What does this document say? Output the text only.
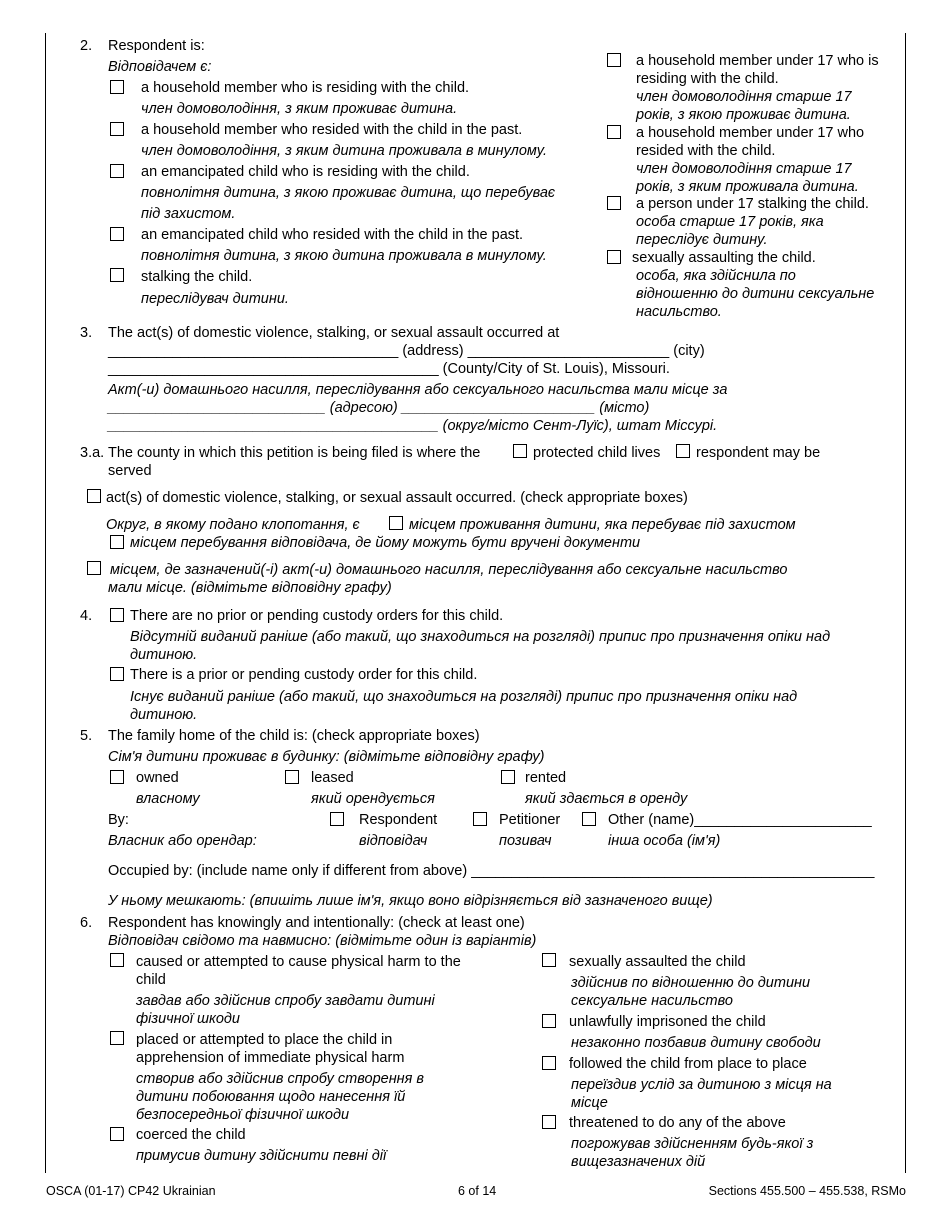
2. Respondent is:
Відповідачем є:
a household member who is residing with the child.
член домоволодіння, з яким проживає дитина.
a household member who resided with the child in the past.
член домоволодіння, з яким дитина проживала в минулому.
an emancipated child who is residing with the child.
повнолітня дитина, з якою проживає дитина, що перебуває
під захистом.
an emancipated child who resided with the child in the past.
повнолітня дитина, з якою дитина проживала в минулому.
stalking the child.
переслідувач дитини.
a household member under 17 who is
residing with the child.
член домоволодіння старше 17
років, з якою проживає дитина.
a household member under 17 who
resided with the child.
член домоволодіння старше 17
років, з яким проживала дитина.
a person under 17 stalking the child.
особа старше 17 років, яка
переслідує дитину.
sexually assaulting the child.
особа, яка здійснила по
відношенню до дитини сексуальне
насильство.
3. The act(s) of domestic violence, stalking, or sexual assault occurred at
____________________________________ (address) _________________________ (city)
_________________________________________ (County/City of St. Louis), Missouri.
Акт(-и) домашнього насилля, переслідування або сексуального насильства мали місце за
___________________________ (адресою) ________________________ (місто)
_________________________________________ (округ/місто Сент-Луїс), штат Міссурі.
3.a. The county in which this petition is being filed is where the	protected child lives respondent may be
served
act(s) of domestic violence, stalking, or sexual assault occurred. (check appropriate boxes)
Округ, в якому подано клопотання, є	місцем проживання дитини, яка перебуває під захистом
місцем перебування відповідача, де йому можуть бути вручені документи
місцем, де зазначений(-і) акт(-и) домашнього насилля, переслідування або сексуальне насильство
мали місце. (відмітьте відповідну графу)
4.	There are no prior or pending custody orders for this child.
Відсутній виданий раніше (або такий, що знаходиться на розгляді) припис про призначення опіки над
дитиною.
There is a prior or pending custody order for this child.
Існує виданий раніше (або такий, що знаходиться на розгляді) припис про призначення опіки над
дитиною.
5. The family home of the child is: (check appropriate boxes)
Сім'я дитини проживає в будинку: (відмітьте відповідну графу)
owned
власному
leased
який орендується
rented
який здається в оренду
By:
Власник або орендар:
Respondent
відповідач
Petitioner
позивач
Other (name)______________________
інша особа (ім'я)
Occupied by: (include name only if different from above) __________________________________________________
У ньому мешкають: (впишіть лише ім'я, якщо воно відрізняється від зазначеного вище)
6. Respondent has knowingly and intentionally: (check at least one)
Відповідач свідомо та навмисно: (відмітьте один із варіантів)
caused or attempted to cause physical harm to the
child
завдав або здійснив спробу завдати дитині
фізичної шкоди
placed or attempted to place the child in
apprehension of immediate physical harm
створив або здійснив спробу створення в
дитини побоювання щодо нанесення їй
безпосередньої фізичної шкоди
coerced the child
примусив дитину здійснити певні дії
sexually assaulted the child
здійснив по відношенню до дитини
сексуальне насильство
unlawfully imprisoned the child
незаконно позбавив дитину свободи
followed the child from place to place
переїздив услід за дитиною з місця на
місце
threatened to do any of the above
погрожував здійсненням будь-якої з
вищезазначених дій
OSCA (01-17) CP42 Ukrainian	6 of 14	Sections 455.500 – 455.538, RSMo
